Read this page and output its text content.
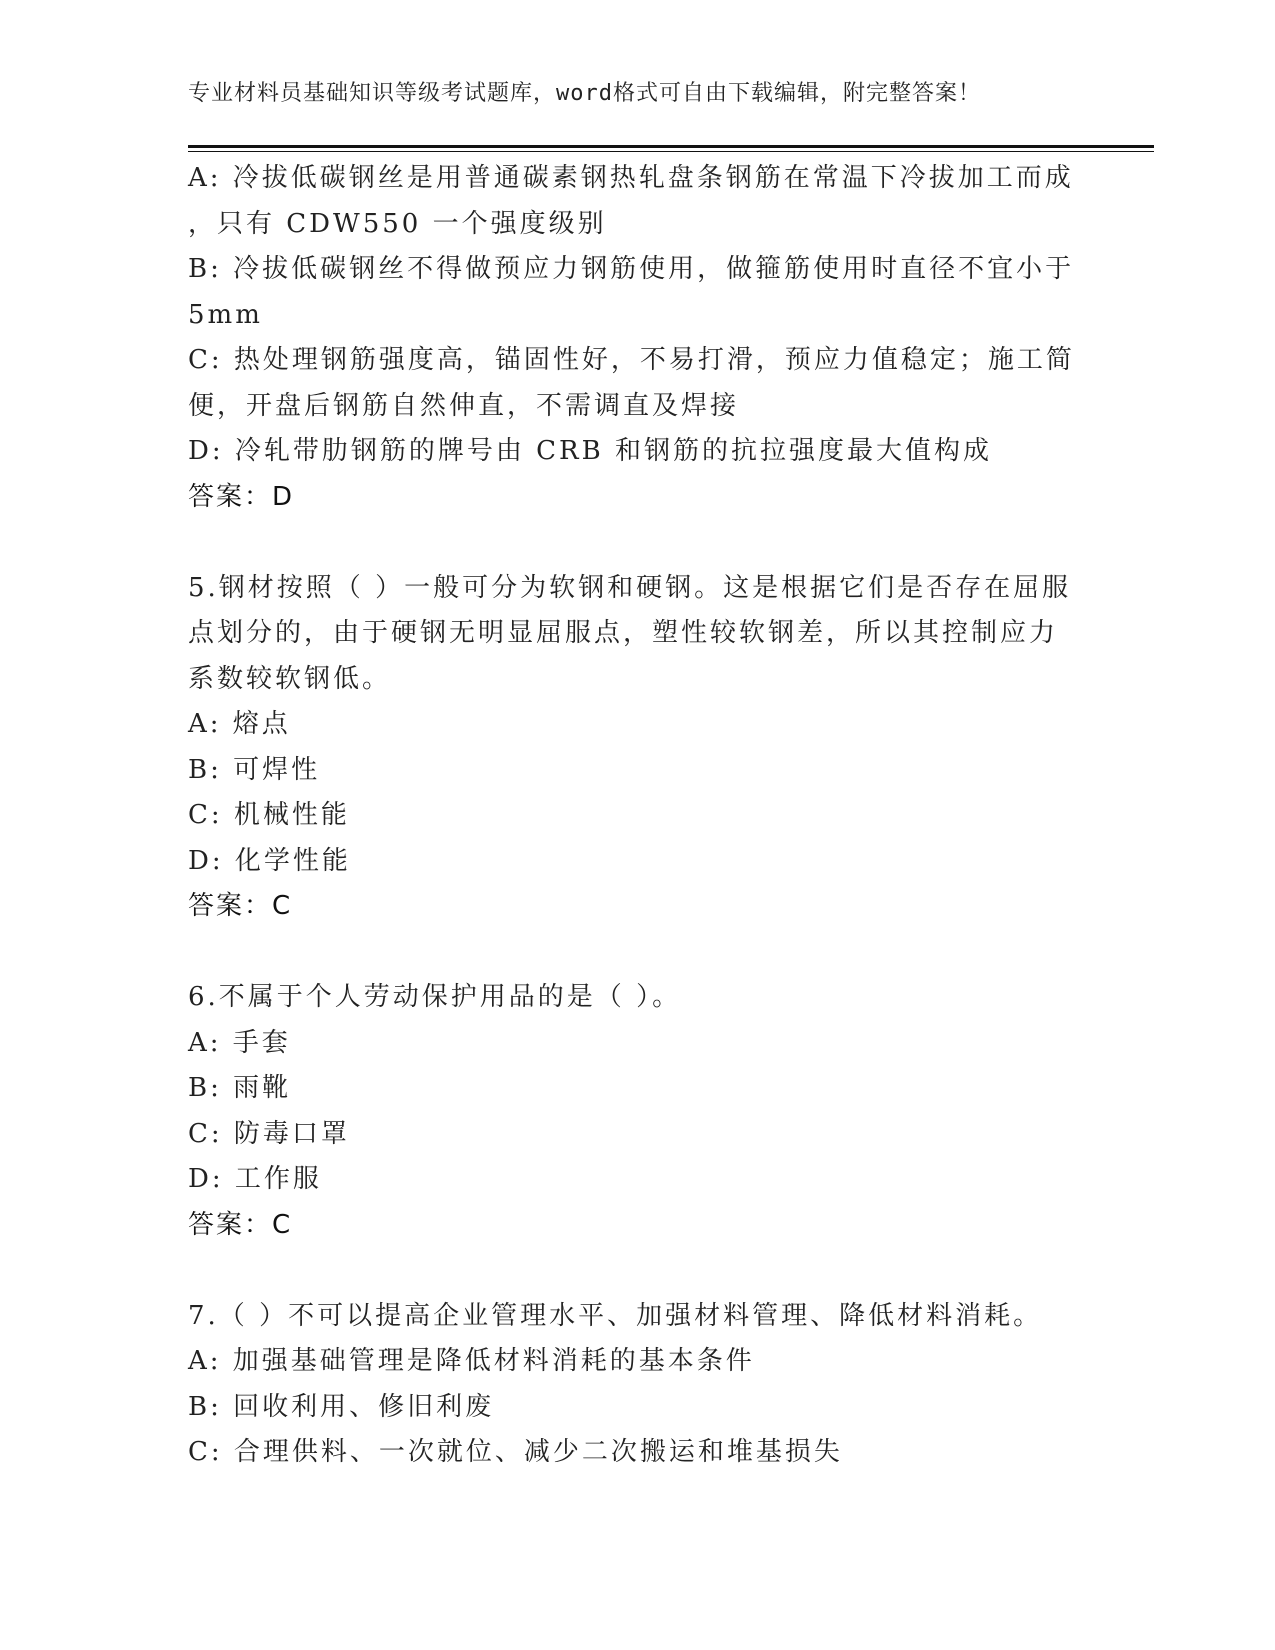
专业材料员基础知识等级考试题库，word格式可自由下载编辑，附完整答案！
A: 冷拔低碳钢丝是用普通碳素钢热轧盘条钢筋在常温下冷拔加工而成
，只有 CDW550 一个强度级别
B: 冷拔低碳钢丝不得做预应力钢筋使用，做箍筋使用时直径不宜小于
5mm
C: 热处理钢筋强度高，锚固性好，不易打滑，预应力值稳定；施工简
便，开盘后钢筋自然伸直，不需调直及焊接
D: 冷轧带肋钢筋的牌号由 CRB 和钢筋的抗拉强度最大值构成
答案：D
5.钢材按照（ ）一般可分为软钢和硬钢。这是根据它们是否存在屈服
点划分的，由于硬钢无明显屈服点，塑性较软钢差，所以其控制应力
系数较软钢低。
A: 熔点
B: 可焊性
C: 机械性能
D: 化学性能
答案：C
6.不属于个人劳动保护用品的是（ ）。
A: 手套
B: 雨靴
C: 防毒口罩
D: 工作服
答案：C
7.（ ）不可以提高企业管理水平、加强材料管理、降低材料消耗。
A: 加强基础管理是降低材料消耗的基本条件
B: 回收利用、修旧利废
C: 合理供料、一次就位、减少二次搬运和堆基损失
